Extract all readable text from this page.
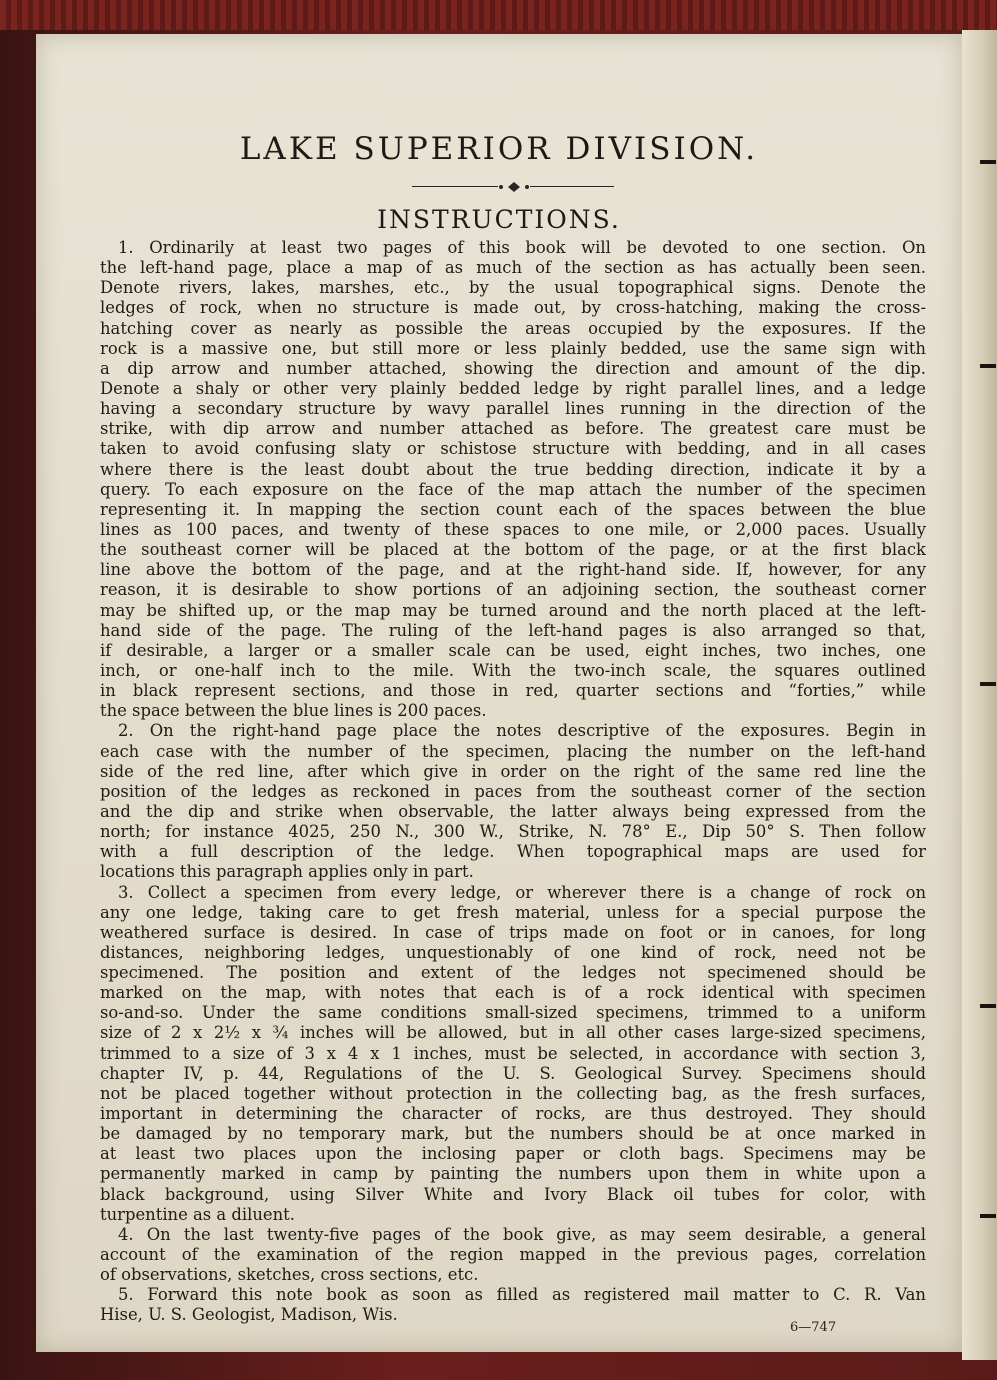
LAKE SUPERIOR DIVISION.
INSTRUCTIONS.
1. Ordinarily at least two pages of this book will be devoted to one section. On
the left-hand page, place a map of as much of the section as has actually been seen.
Denote rivers, lakes, marshes, etc., by the usual topographical signs. Denote the
ledges of rock, when no structure is made out, by cross-hatching, making the cross-
hatching cover as nearly as possible the areas occupied by the exposures. If the
rock is a massive one, but still more or less plainly bedded, use the same sign with
a dip arrow and number attached, showing the direction and amount of the dip.
Denote a shaly or other very plainly bedded ledge by right parallel lines, and a ledge
having a secondary structure by wavy parallel lines running in the direction of the
strike, with dip arrow and number attached as before. The greatest care must be
taken to avoid confusing slaty or schistose structure with bedding, and in all cases
where there is the least doubt about the true bedding direction, indicate it by a
query. To each exposure on the face of the map attach the number of the specimen
representing it. In mapping the section count each of the spaces between the blue
lines as 100 paces, and twenty of these spaces to one mile, or 2,000 paces. Usually
the southeast corner will be placed at the bottom of the page, or at the first black
line above the bottom of the page, and at the right-hand side. If, however, for any
reason, it is desirable to show portions of an adjoining section, the southeast corner
may be shifted up, or the map may be turned around and the north placed at the left-
hand side of the page. The ruling of the left-hand pages is also arranged so that,
if desirable, a larger or a smaller scale can be used, eight inches, two inches, one
inch, or one-half inch to the mile. With the two-inch scale, the squares outlined
in black represent sections, and those in red, quarter sections and “forties,” while
the space between the blue lines is 200 paces.
2. On the right-hand page place the notes descriptive of the exposures. Begin in
each case with the number of the specimen, placing the number on the left-hand
side of the red line, after which give in order on the right of the same red line the
position of the ledges as reckoned in paces from the southeast corner of the section
and the dip and strike when observable, the latter always being expressed from the
north; for instance 4025, 250 N., 300 W., Strike, N. 78° E., Dip 50° S. Then follow
with a full description of the ledge. When topographical maps are used for
locations this paragraph applies only in part.
3. Collect a specimen from every ledge, or wherever there is a change of rock on
any one ledge, taking care to get fresh material, unless for a special purpose the
weathered surface is desired. In case of trips made on foot or in canoes, for long
distances, neighboring ledges, unquestionably of one kind of rock, need not be
specimened. The position and extent of the ledges not specimened should be
marked on the map, with notes that each is of a rock identical with specimen
so-and-so. Under the same conditions small-sized specimens, trimmed to a uniform
size of 2 x 2½ x ¾ inches will be allowed, but in all other cases large-sized specimens,
trimmed to a size of 3 x 4 x 1 inches, must be selected, in accordance with section 3,
chapter IV, p. 44, Regulations of the U. S. Geological Survey. Specimens should
not be placed together without protection in the collecting bag, as the fresh surfaces,
important in determining the character of rocks, are thus destroyed. They should
be damaged by no temporary mark, but the numbers should be at once marked in
at least two places upon the inclosing paper or cloth bags. Specimens may be
permanently marked in camp by painting the numbers upon them in white upon a
black background, using Silver White and Ivory Black oil tubes for color, with
turpentine as a diluent.
4. On the last twenty-five pages of the book give, as may seem desirable, a general
account of the examination of the region mapped in the previous pages, correlation
of observations, sketches, cross sections, etc.
5. Forward this note book as soon as filled as registered mail matter to C. R. Van
Hise, U. S. Geologist, Madison, Wis.
6—747
